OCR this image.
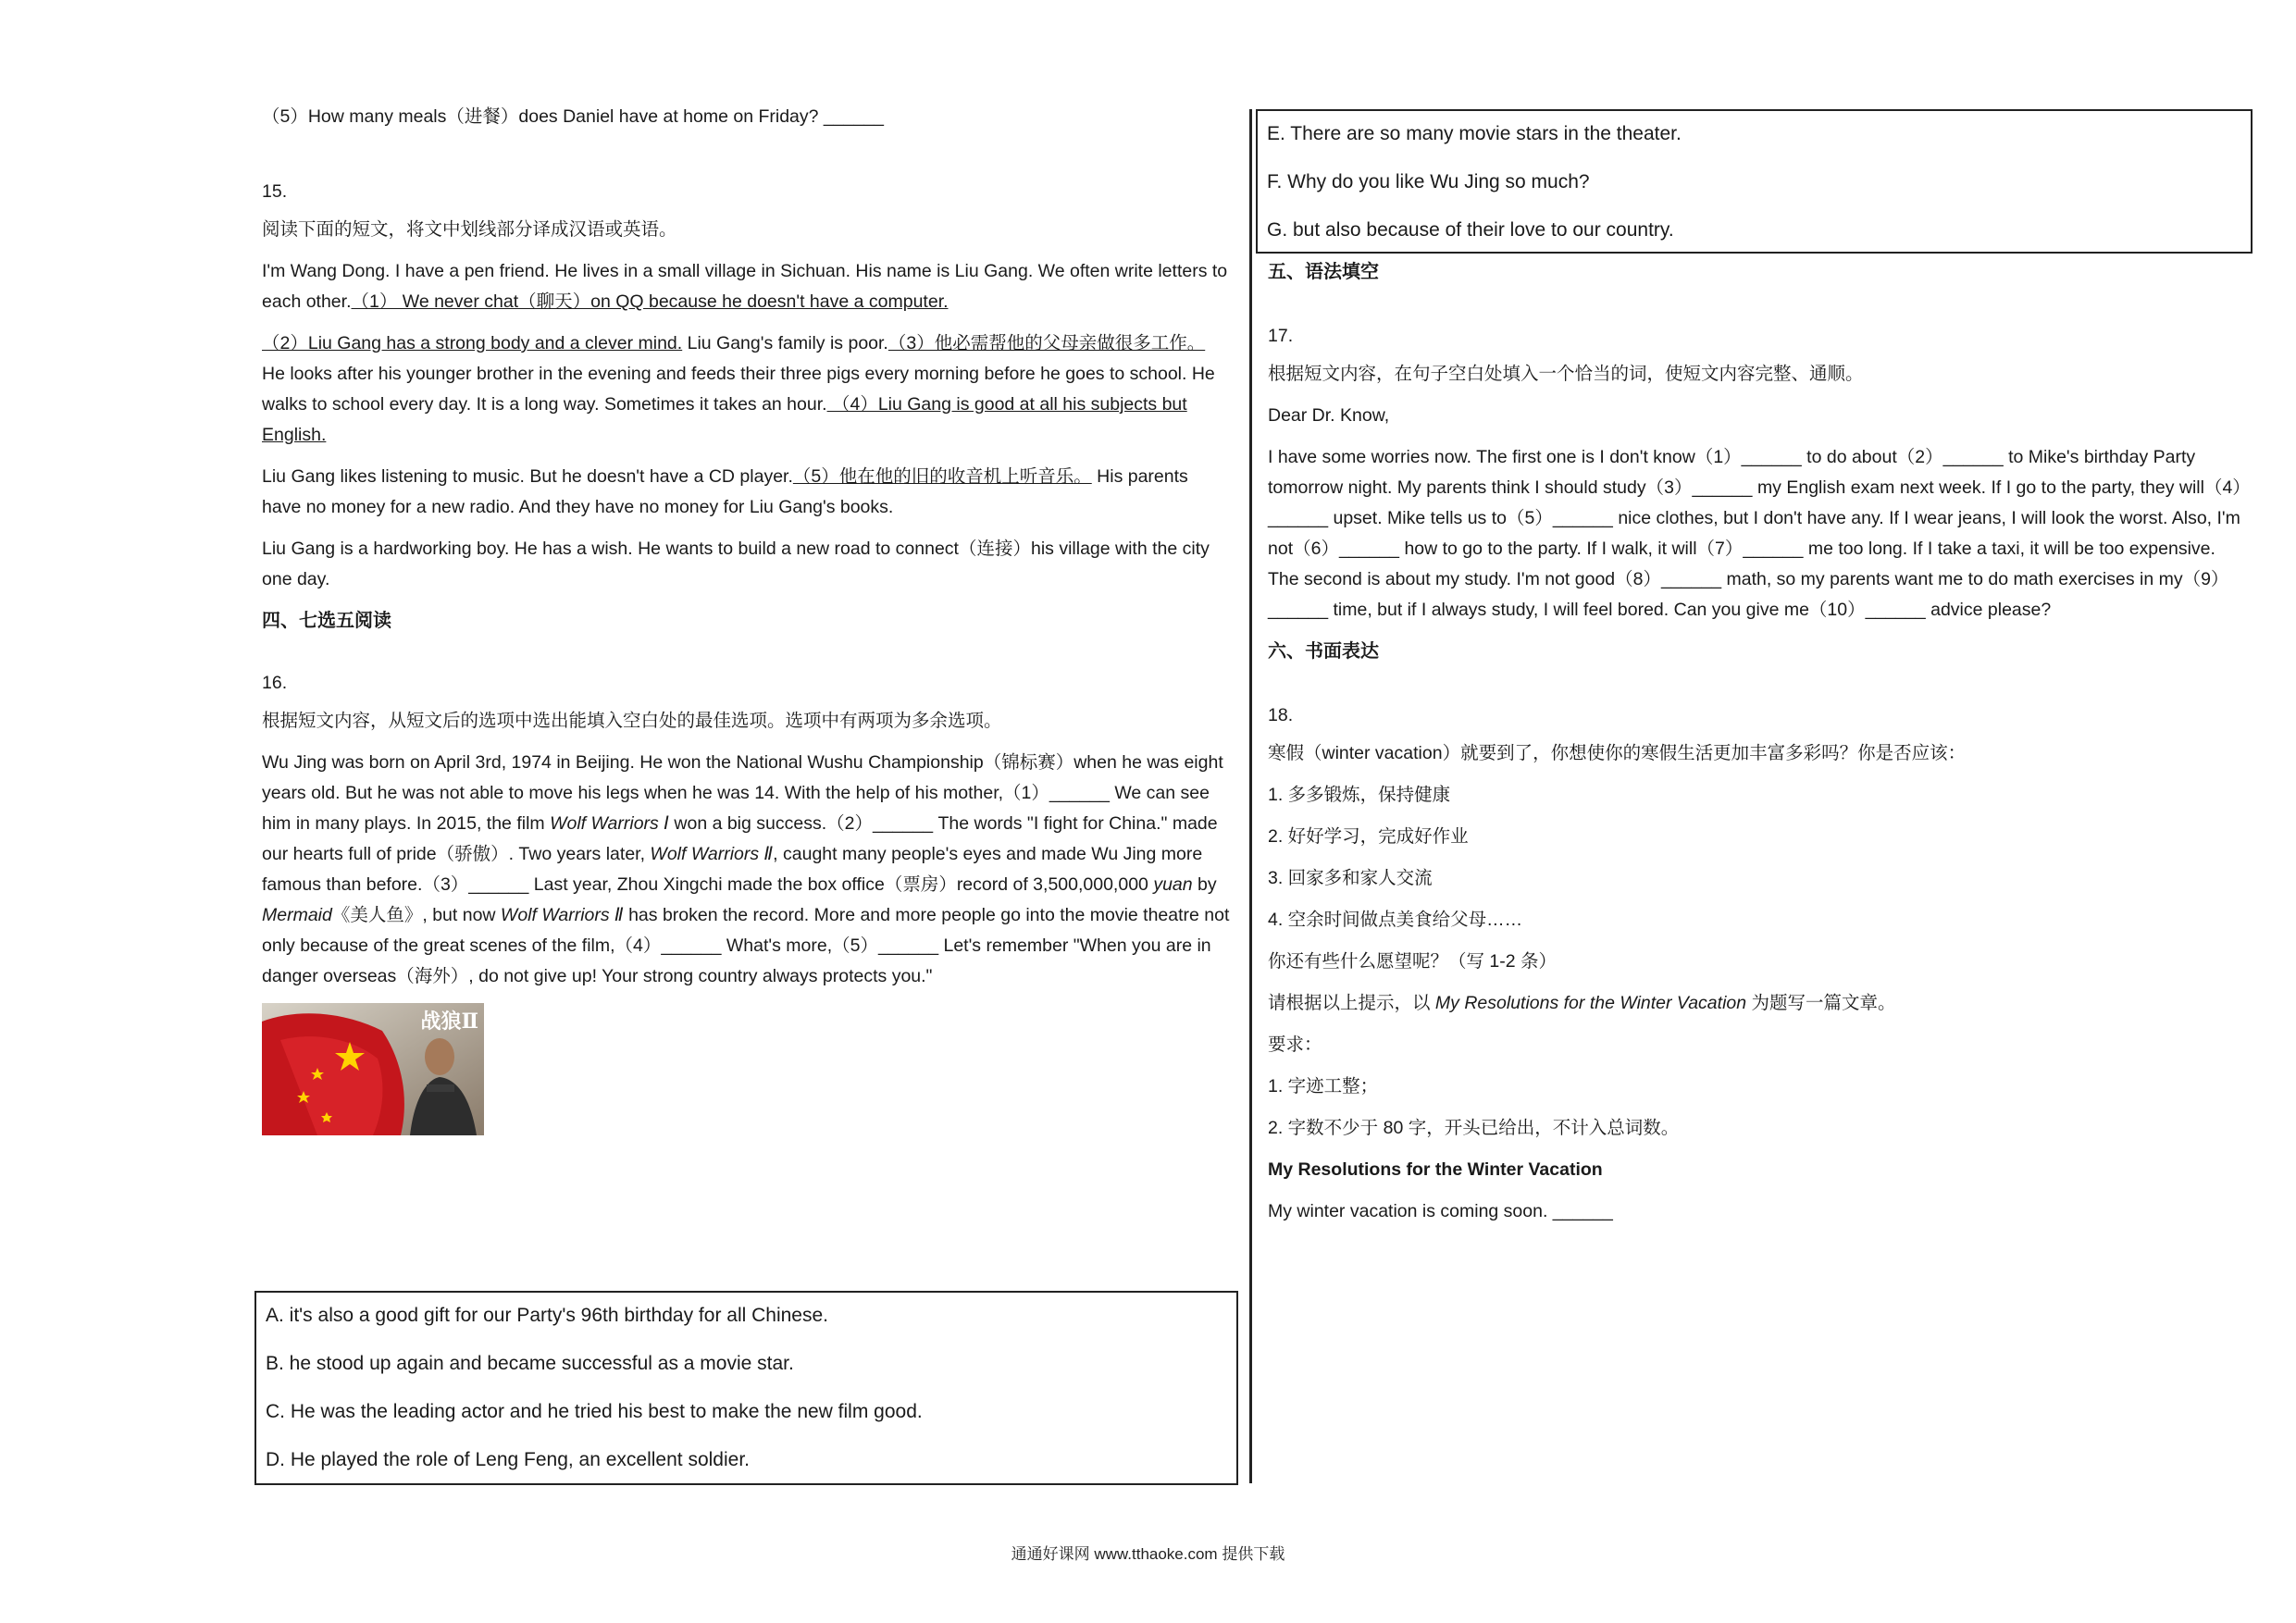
（5）How many meals（进餐）does Daniel have at home on Friday? ______

15.

阅读下面的短文，将文中划线部分译成汉语或英语。

I'm Wang Dong. I have a pen friend. He lives in a small village in Sichuan. His name is Liu Gang. We often write letters to each other.（1） We never chat（聊天）on QQ because he doesn't have a computer.

（2）Liu Gang has a strong body and a clever mind. Liu Gang's family is poor.（3）他必需帮他的父母亲做很多工作。 He looks after his younger brother in the evening and feeds their three pigs every morning before he goes to school. He walks to school every day. It is a long way. Sometimes it takes an hour. （4）Liu Gang is good at all his subjects but English.

Liu Gang likes listening to music. But he doesn't have a CD player.（5）他在他的旧的收音机上听音乐。 His parents have no money for a new radio. And they have no money for Liu Gang's books.

Liu Gang is a hardworking boy. He has a wish. He wants to build a new road to connect（连接）his village with the city one day.

四、七选五阅读

16.

根据短文内容，从短文后的选项中选出能填入空白处的最佳选项。选项中有两项为多余选项。

Wu Jing was born on April 3rd, 1974 in Beijing. He won the National Wushu Championship（锦标赛）when he was eight years old. But he was not able to move his legs when he was 14. With the help of his mother,（1）______ We can see him in many plays. In 2015, the film Wolf Warriors Ⅰ won a big success.（2）______ The words "I fight for China." made our hearts full of pride（骄傲）. Two years later, Wolf Warriors Ⅱ, caught many people's eyes and made Wu Jing more famous than before.（3）______ Last year, Zhou Xingchi made the box office（票房）record of 3,500,000,000 yuan by Mermaid《美人鱼》, but now Wolf Warriors Ⅱ has broken the record. More and more people go into the movie theatre not only because of the great scenes of the film,（4）______ What's more,（5）______ Let's remember "When you are in danger overseas（海外）, do not give up! Your strong country always protects you."

战狼Ⅱ
A. it's also a good gift for our Party's 96th birthday for all Chinese.
B. he stood up again and became successful as a movie star.
C. He was the leading actor and he tried his best to make the new film good.
D. He played the role of Leng Feng, an excellent soldier.
E. There are so many movie stars in the theater.
F. Why do you like Wu Jing so much?
G. but also because of their love to our country.

五、语法填空

17.

根据短文内容，在句子空白处填入一个恰当的词，使短文内容完整、通顺。

Dear Dr. Know,

I have some worries now. The first one is I don't know（1）______ to do about（2）______ to Mike's birthday Party tomorrow night. My parents think I should study（3）______ my English exam next week. If I go to the party, they will（4）______ upset. Mike tells us to（5）______ nice clothes, but I don't have any. If I wear jeans, I will look the worst. Also, I'm not（6）______ how to go to the party. If I walk, it will（7）______ me too long. If I take a taxi, it will be too expensive. The second is about my study. I'm not good（8）______ math, so my parents want me to do math exercises in my（9）______ time, but if I always study, I will feel bored. Can you give me（10）______ advice please?

六、书面表达

18.

寒假（winter vacation）就要到了，你想使你的寒假生活更加丰富多彩吗？你是否应该：

1. 多多锻炼，保持健康

2. 好好学习，完成好作业

3. 回家多和家人交流

4. 空余时间做点美食给父母……

你还有些什么愿望呢？（写 1-2 条）

请根据以上提示，以 My Resolutions for the Winter Vacation 为题写一篇文章。

要求：

1. 字迹工整；

2. 字数不少于 80 字，开头已给出，不计入总词数。

My Resolutions for the Winter Vacation

My winter vacation is coming soon. ______

通通好课网 www.tthaoke.com 提供下载
